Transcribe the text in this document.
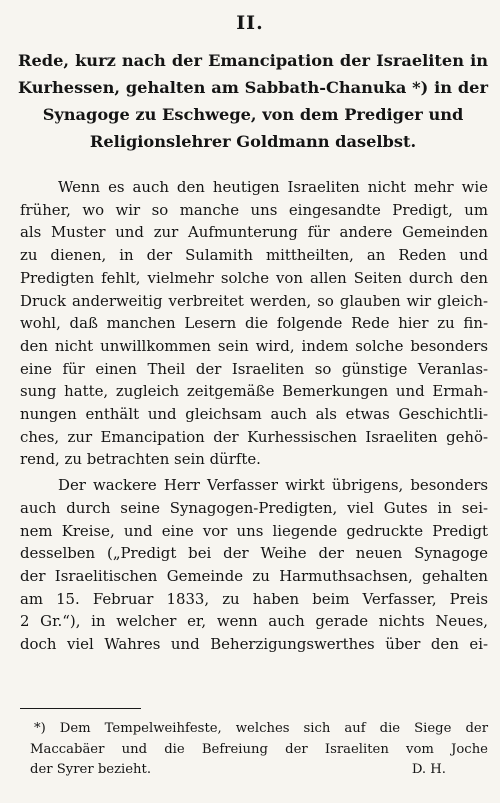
II.
Rede, kurz nach der Emancipation der Israeliten in
Kurhessen, gehalten am Sabbath-Chanuka *) in der
Synagoge zu Eschwege, von dem Prediger und
Religionslehrer Goldmann daselbst.
Wenn es auch den heutigen Israeliten nicht mehr wie
früher, wo wir so manche uns eingesandte Predigt, um
als Muster und zur Aufmunterung für andere Gemeinden
zu dienen, in der Sulamith mittheilten, an Reden und
Predigten fehlt, vielmehr solche von allen Seiten durch den
Druck anderweitig verbreitet werden, so glauben wir gleich-
wohl, daß manchen Lesern die folgende Rede hier zu fin-
den nicht unwillkommen sein wird, indem solche besonders
eine für einen Theil der Israeliten so günstige Veranlas-
sung hatte, zugleich zeitgemäße Bemerkungen und Ermah-
nungen enthält und gleichsam auch als etwas Geschichtli-
ches, zur Emancipation der Kurhessischen Israeliten gehö-
rend, zu betrachten sein dürfte.
Der wackere Herr Verfasser wirkt übrigens, besonders
auch durch seine Synagogen-Predigten, viel Gutes in sei-
nem Kreise, und eine vor uns liegende gedruckte Predigt
desselben („Predigt bei der Weihe der neuen Synagoge
der Israelitischen Gemeinde zu Harmuthsachsen, gehalten
am 15. Februar 1833, zu haben beim Verfasser, Preis
2 Gr.“), in welcher er, wenn auch gerade nichts Neues,
doch viel Wahres und Beherzigungswerthes über den ei-
*) Dem Tempelweihfeste, welches sich auf die Siege der
Maccabäer und die Befreiung der Israeliten vom Joche
der Syrer bezieht.	D. H.
